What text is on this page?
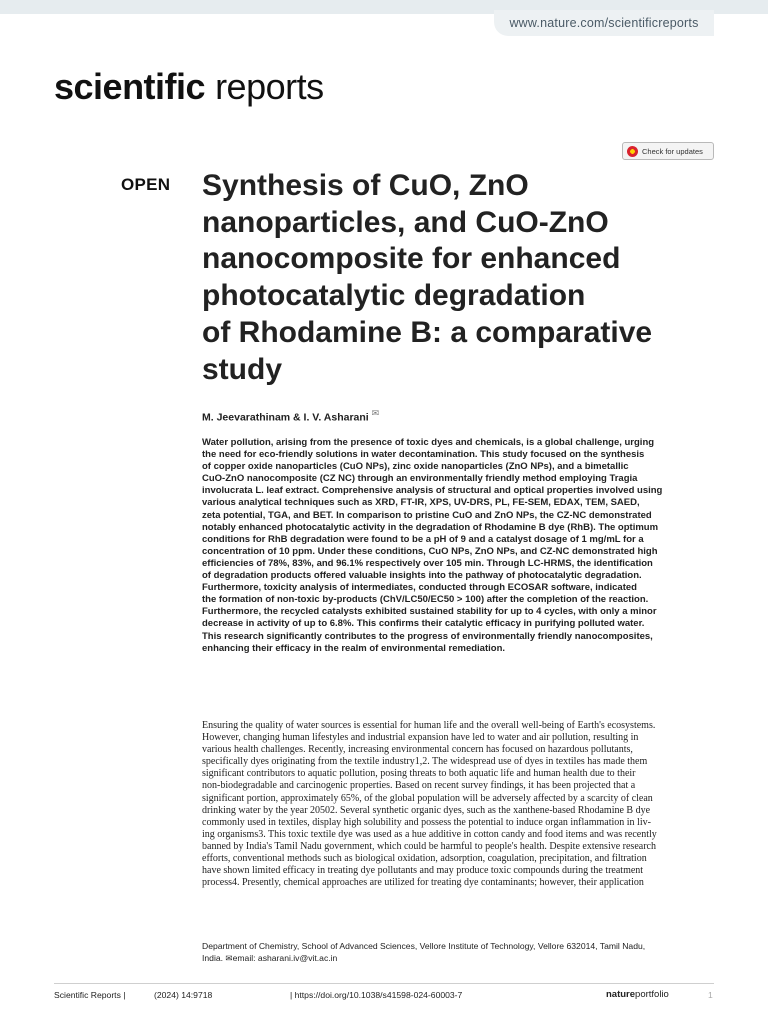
www.nature.com/scientificreports
scientific reports
Check for updates
OPEN Synthesis of CuO, ZnO
nanoparticles, and CuO-ZnO
nanocomposite for enhanced
photocatalytic degradation
of Rhodamine B: a comparative
study
M. Jeevarathinam & I. V. Asharani ✉
Water pollution, arising from the presence of toxic dyes and chemicals, is a global challenge, urging
the need for eco-friendly solutions in water decontamination. This study focused on the synthesis
of copper oxide nanoparticles (CuO NPs), zinc oxide nanoparticles (ZnO NPs), and a bimetallic
CuO-ZnO nanocomposite (CZ NC) through an environmentally friendly method employing Tragia
involucrata L. leaf extract. Comprehensive analysis of structural and optical properties involved using
various analytical techniques such as XRD, FT-IR, XPS, UV-DRS, PL, FE-SEM, EDAX, TEM, SAED,
zeta potential, TGA, and BET. In comparison to pristine CuO and ZnO NPs, the CZ-NC demonstrated
notably enhanced photocatalytic activity in the degradation of Rhodamine B dye (RhB). The optimum
conditions for RhB degradation were found to be a pH of 9 and a catalyst dosage of 1 mg/mL for a
concentration of 10 ppm. Under these conditions, CuO NPs, ZnO NPs, and CZ-NC demonstrated high
efficiencies of 78%, 83%, and 96.1% respectively over 105 min. Through LC-HRMS, the identification
of degradation products offered valuable insights into the pathway of photocatalytic degradation.
Furthermore, toxicity analysis of intermediates, conducted through ECOSAR software, indicated
the formation of non-toxic by-products (ChV/LC50/EC50 > 100) after the completion of the reaction.
Furthermore, the recycled catalysts exhibited sustained stability for up to 4 cycles, with only a minor
decrease in activity of up to 6.8%. This confirms their catalytic efficacy in purifying polluted water.
This research significantly contributes to the progress of environmentally friendly nanocomposites,
enhancing their efficacy in the realm of environmental remediation.
Ensuring the quality of water sources is essential for human life and the overall well-being of Earth's ecosystems.
However, changing human lifestyles and industrial expansion have led to water and air pollution, resulting in
various health challenges. Recently, increasing environmental concern has focused on hazardous pollutants,
specifically dyes originating from the textile industry1,2. The widespread use of dyes in textiles has made them
significant contributors to aquatic pollution, posing threats to both aquatic life and human health due to their
non-biodegradable and carcinogenic properties. Based on recent survey findings, it has been projected that a
significant portion, approximately 65%, of the global population will be adversely affected by a scarcity of clean
drinking water by the year 20502. Several synthetic organic dyes, such as the xanthene-based Rhodamine B dye
commonly used in textiles, display high solubility and possess the potential to induce organ inflammation in liv-
ing organisms3. This toxic textile dye was used as a hue additive in cotton candy and food items and was recently
banned by India's Tamil Nadu government, which could be harmful to people's health. Despite extensive research
efforts, conventional methods such as biological oxidation, adsorption, coagulation, precipitation, and filtration
have shown limited efficacy in treating dye pollutants and may produce toxic compounds during the treatment
process4. Presently, chemical approaches are utilized for treating dye contaminants; however, their application
Department of Chemistry, School of Advanced Sciences, Vellore Institute of Technology, Vellore 632014, Tamil Nadu,
India. ✉email: asharani.iv@vit.ac.in
Scientific Reports |	(2024) 14:9718	| https://doi.org/10.1038/s41598-024-60003-7	natureportfolio	1
